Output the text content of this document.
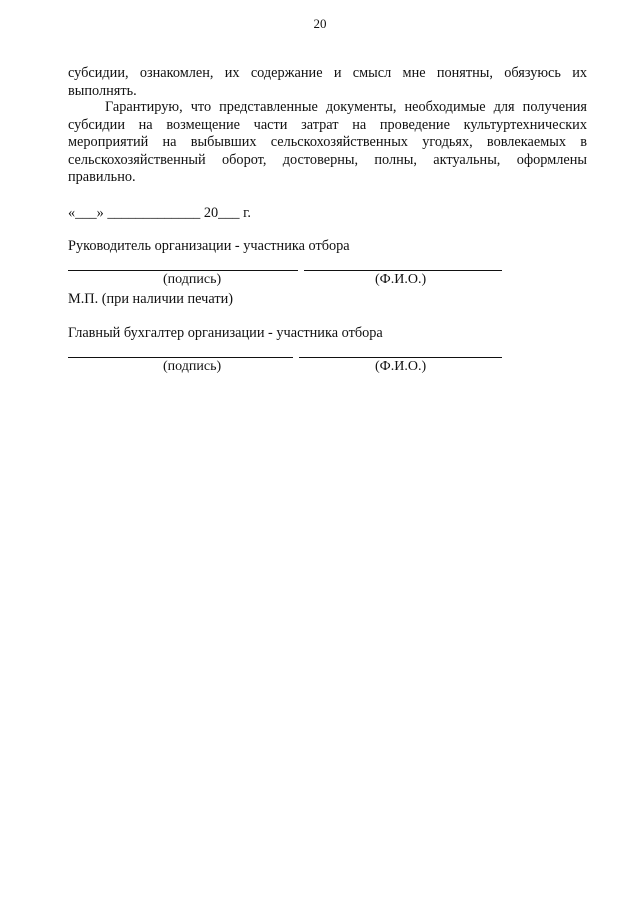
20

субсидии, ознакомлен, их содержание и смысл мне понятны, обязуюсь их выполнять.

Гарантирую, что представленные документы, необходимые для получения субсидии на возмещение части затрат на проведение культуртехнических мероприятий на выбывших сельскохозяйственных угодьях, вовлекаемых в сельскохозяйственный оборот, достоверны, полны, актуальны, оформлены правильно.

«___» _____________ 20___ г.
Руководитель организации - участника отбора
(подпись)	(Ф.И.О.)
М.П. (при наличии печати)
Главный бухгалтер организации - участника отбора
(подпись)	(Ф.И.О.)
